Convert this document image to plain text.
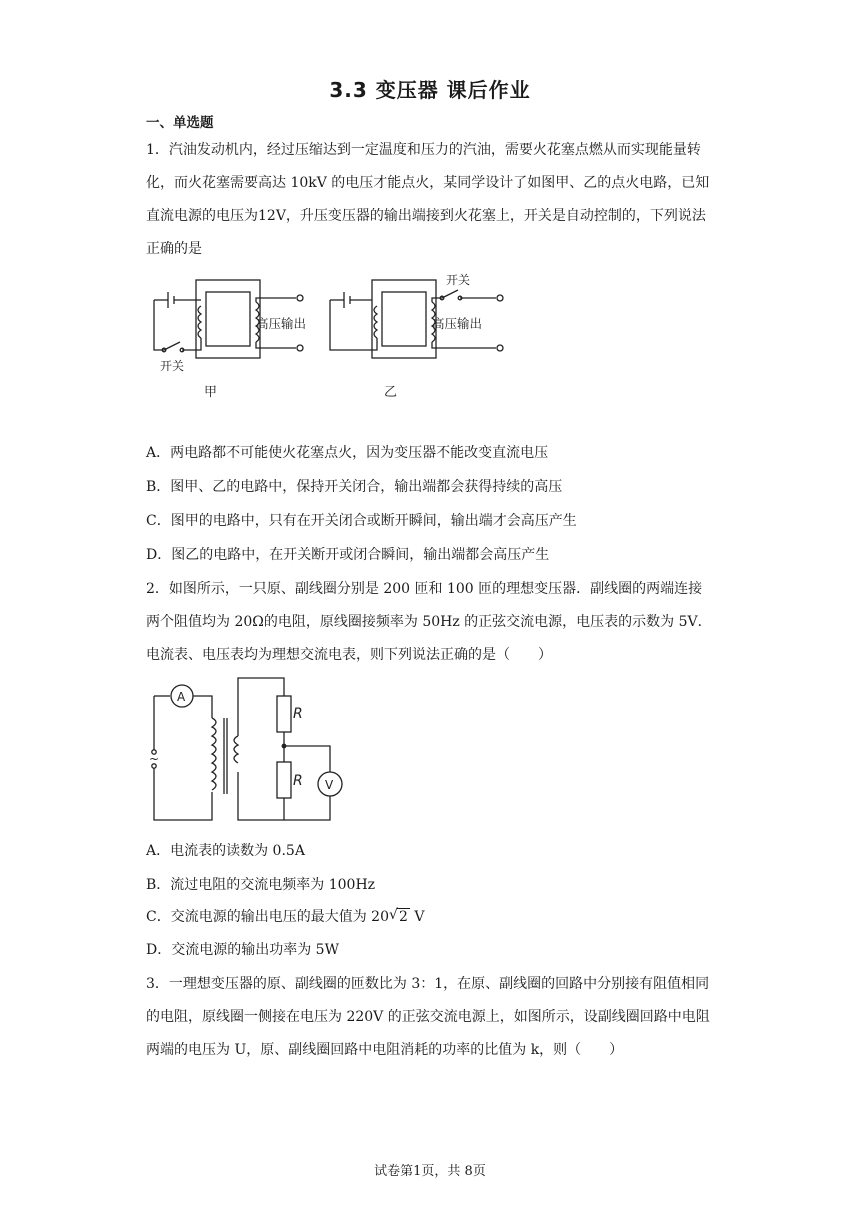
3.3 变压器 课后作业
一、单选题

1．汽油发动机内，经过压缩达到一定温度和压力的汽油，需要火花塞点燃从而实现能量转化，而火花塞需要高达 10kV 的电压才能点火，某同学设计了如图甲、乙的点火电路，已知直流电源的电压为12V，升压变压器的输出端接到火花塞上，开关是自动控制的，下列说法正确的是

开关
高压输出
甲
开关
高压输出
乙

A．两电路都不可能使火花塞点火，因为变压器不能改变直流电压

B．图甲、乙的电路中，保持开关闭合，输出端都会获得持续的高压

C．图甲的电路中，只有在开关闭合或断开瞬间，输出端才会高压产生

D．图乙的电路中，在开关断开或闭合瞬间，输出端都会高压产生

2．如图所示，一只原、副线圈分别是 200 匝和 100 匝的理想变压器．副线圈的两端连接两个阻值均为 20Ω的电阻，原线圈接频率为 50Hz 的正弦交流电源，电压表的示数为 5V．电流表、电压表均为理想交流电表，则下列说法正确的是（　　）

A
V
R
R
~

A．电流表的读数为 0.5A

B．流过电阻的交流电频率为 100Hz

C．交流电源的输出电压的最大值为 20 √ 2 V

D．交流电源的输出功率为 5W

3．一理想变压器的原、副线圈的匝数比为 3：1，在原、副线圈的回路中分别接有阻值相同的电阻，原线圈一侧接在电压为 220V 的正弦交流电源上，如图所示，设副线圈回路中电阻两端的电压为 U，原、副线圈回路中电阻消耗的功率的比值为 k，则（　　）

试卷第1页，共 8页
